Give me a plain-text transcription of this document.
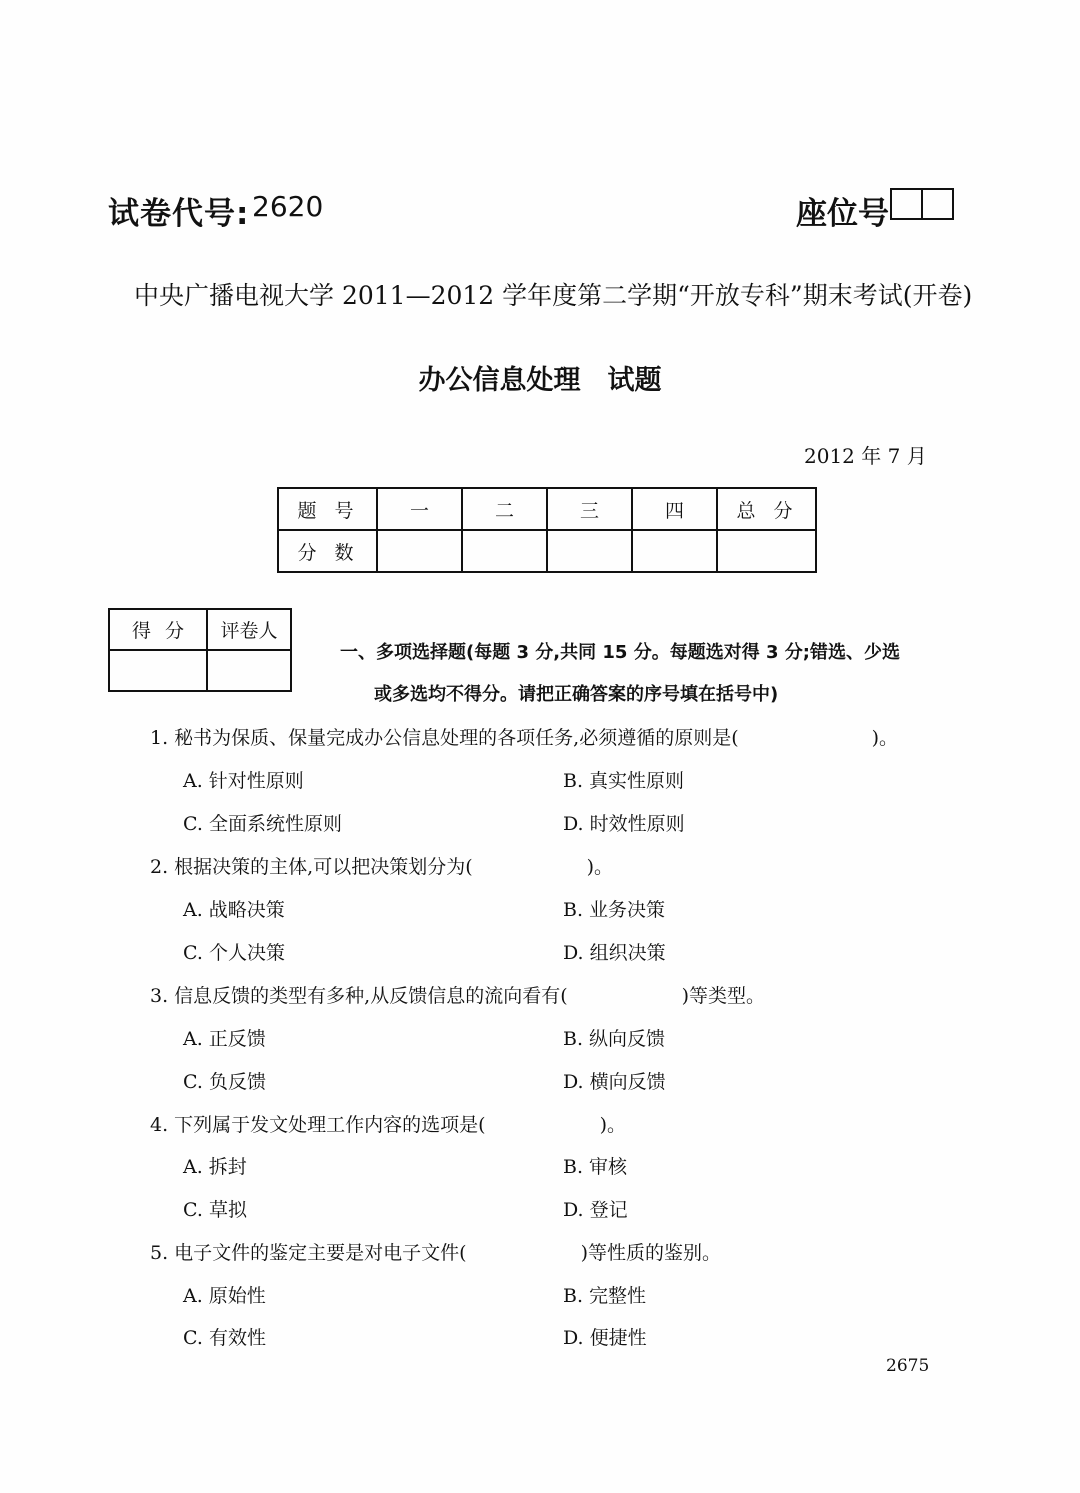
试卷代号: 2620	座位号
中央广播电视大学 2011—2012 学年度第二学期“开放专科”期末考试(开卷)
办公信息处理　试题
2012 年 7 月
题号	一	二	三	四	总分
分数					
得分	评卷人

一、多项选择题(每题 3 分,共同 15 分。每题选对得 3 分;错选、少选
或多选均不得分。请把正确答案的序号填在括号中)
1. 秘书为保质、保量完成办公信息处理的各项任务,必须遵循的原则是(　　　　　　　)。
A. 针对性原则	B. 真实性原则
C. 全面系统性原则	D. 时效性原则
2. 根据决策的主体,可以把决策划分为(　　　　　　)。
A. 战略决策	B. 业务决策
C. 个人决策	D. 组织决策
3. 信息反馈的类型有多种,从反馈信息的流向看有(　　　　　　)等类型。
A. 正反馈	B. 纵向反馈
C. 负反馈	D. 横向反馈
4. 下列属于发文处理工作内容的选项是(　　　　　　)。
A. 拆封	B. 审核
C. 草拟	D. 登记
5. 电子文件的鉴定主要是对电子文件(　　　　　　)等性质的鉴别。
A. 原始性	B. 完整性
C. 有效性	D. 便捷性
2675
